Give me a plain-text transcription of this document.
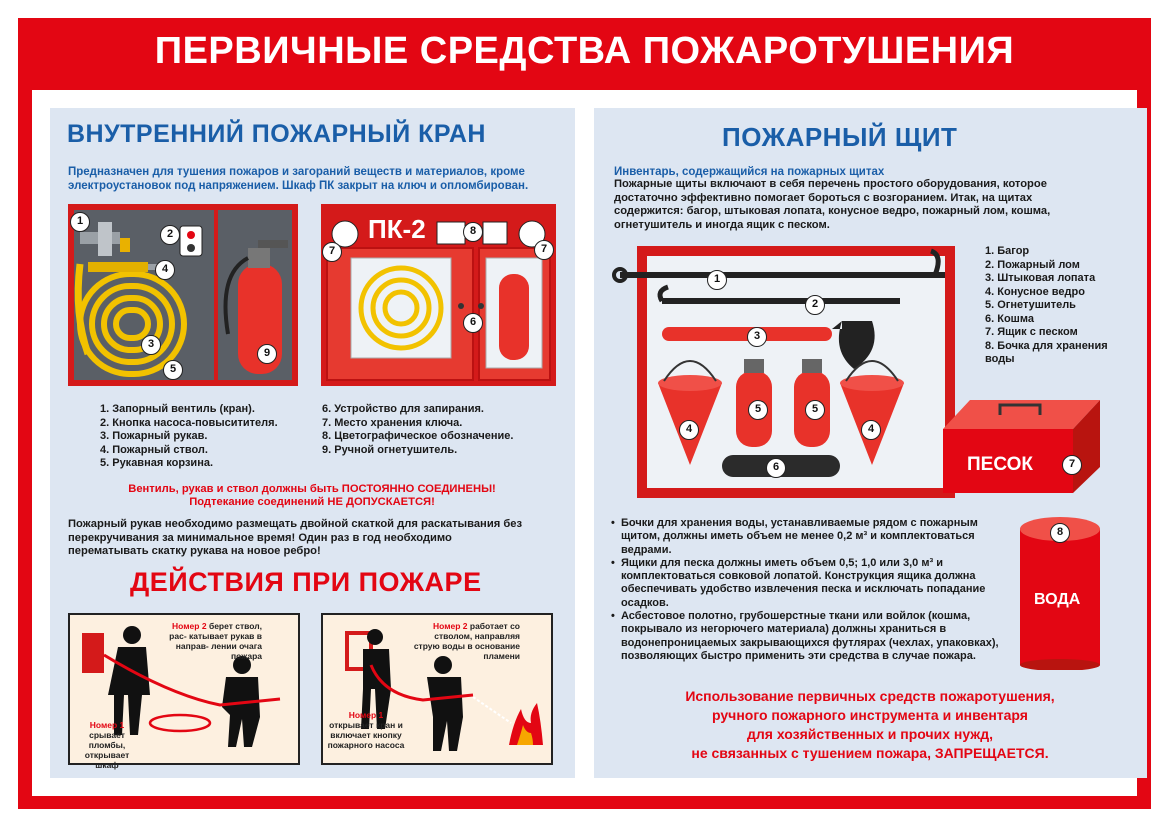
ПЕРВИЧНЫЕ СРЕДСТВА ПОЖАРОТУШЕНИЯ
ВНУТРЕННИЙ ПОЖАРНЫЙ КРАН
Предназначен для тушения пожаров и загораний веществ и материалов, кроме электроустановок под напряжением. Шкаф ПК закрыт на ключ и опломбирован.
1
2
3
4
5
9
ПК-2
7	7
8
6
1. Запорный вентиль (кран).
2. Кнопка насоса-повыситителя.
3. Пожарный рукав.
4. Пожарный ствол.
5. Рукавная корзина.
6. Устройство для запирания.
7. Место хранения ключа.
8. Цветографическое обозначение.
9. Ручной огнетушитель.
Вентиль, рукав и ствол должны быть ПОСТОЯННО СОЕДИНЕНЫ!
Подтекание соединений НЕ ДОПУСКАЕТСЯ!
Пожарный рукав необходимо размещать двойной скаткой для раскатывания без перекручивания за минимальное время! Один раз в год необходимо перематывать скатку рукава на новое ребро!
ДЕЙСТВИЯ ПРИ ПОЖАРЕ
Номер 2 берет ствол, рас- катывает рукав в направ- лении очага пожара
Номер 1
срывает пломбы, открывает шкаф
Номер 2 работает со стволом, направляя струю воды в основание пламени
Номер 1
открывает кран и включает кнопку пожарного насоса
ПОЖАРНЫЙ ЩИТ
Инвентарь, содержащийся на пожарных щитах
Пожарные щиты включают в себя перечень простого оборудования, которое достаточно эффективно помогает бороться с возгоранием. Итак, на щитах содержится: багор, штыковая лопата, конусное ведро, пожарный лом, кошма, огнетушитель и иногда ящик с песком.
1
2
3
4	4
5	5
6
1. Багор
2. Пожарный лом
3. Штыковая лопата
4. Конусное ведро
5. Огнетушитель
6. Кошма
7. Ящик с песком
8. Бочка для хранения воды
ПЕСОК	7
ВОДА
8
• Бочки для хранения воды, устанавливаемые рядом с пожарным щитом, должны иметь объем не менее 0,2 м³ и комплектоваться ведрами.
• Ящики для песка должны иметь объем 0,5; 1,0 или 3,0 м³ и комплектоваться совковой лопатой. Конструкция ящика должна обеспечивать удобство извлечения песка и исключать попадание осадков.
• Асбестовое полотно, грубошерстные ткани или войлок (кошма, покрывало из негорючего материала) должны храниться в водонепроницаемых закрывающихся футлярах (чехлах, упаковках), позволяющих быстро применить эти средства в случае пожара.
Использование первичных средств пожаротушения,
ручного пожарного инструмента и инвентаря
для хозяйственных и прочих нужд,
не связанных с тушением пожара, ЗАПРЕЩАЕТСЯ.
